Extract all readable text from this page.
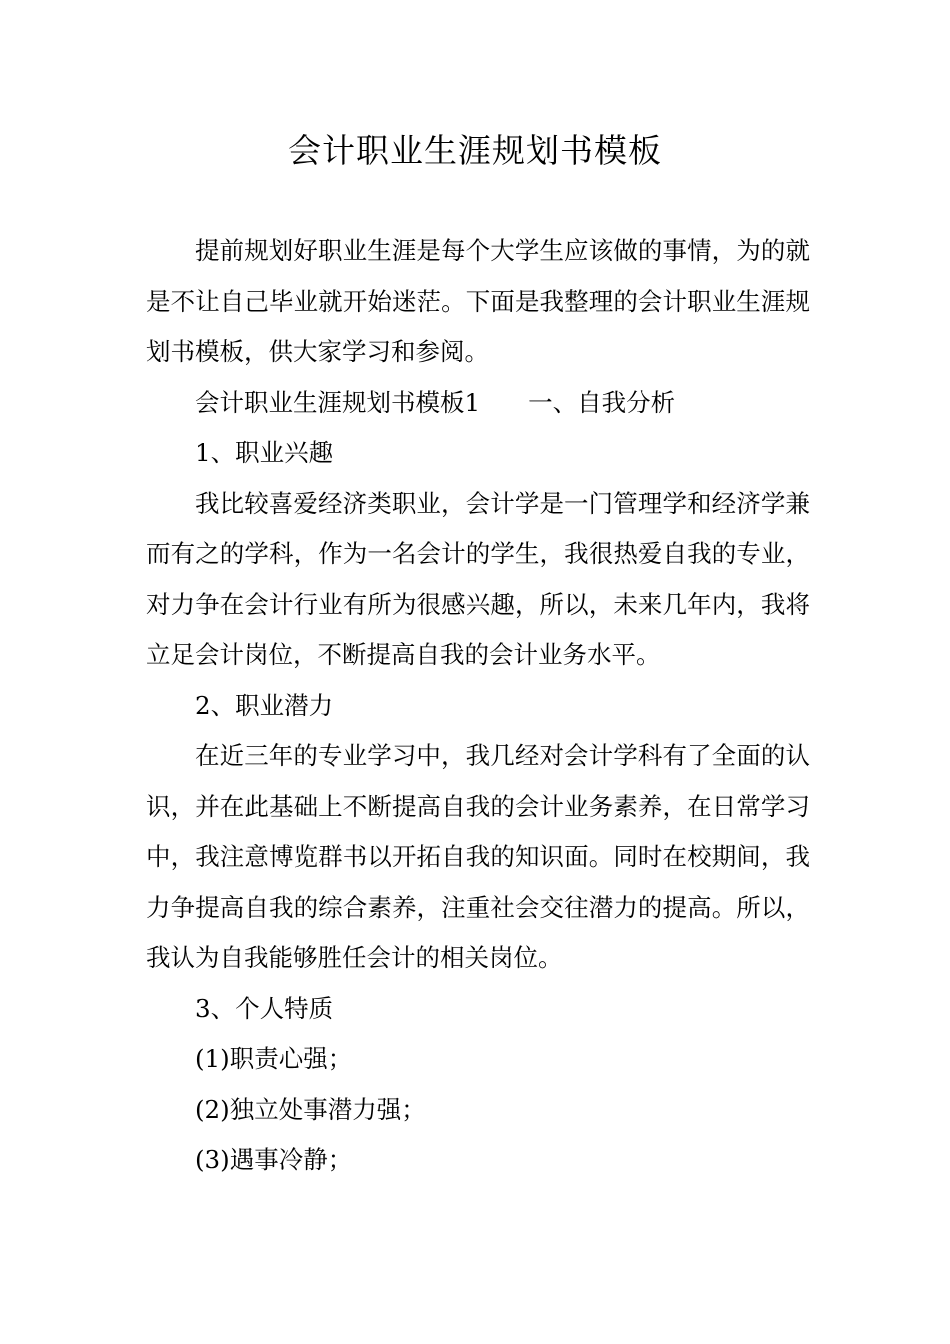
会计职业生涯规划书模板

提前规划好职业生涯是每个大学生应该做的事情，为的就是不让自己毕业就开始迷茫。下面是我整理的会计职业生涯规划书模板，供大家学习和参阅。

会计职业生涯规划书模板1 一、自我分析

1、职业兴趣

我比较喜爱经济类职业，会计学是一门管理学和经济学兼而有之的学科，作为一名会计的学生，我很热爱自我的专业，对力争在会计行业有所为很感兴趣，所以，未来几年内，我将立足会计岗位，不断提高自我的会计业务水平。

2、职业潜力

在近三年的专业学习中，我几经对会计学科有了全面的认识，并在此基础上不断提高自我的会计业务素养，在日常学习中，我注意博览群书以开拓自我的知识面。同时在校期间，我力争提高自我的综合素养，注重社会交往潜力的提高。所以，我认为自我能够胜任会计的相关岗位。

3、个人特质

(1)职责心强；

(2)独立处事潜力强；

(3)遇事冷静；
